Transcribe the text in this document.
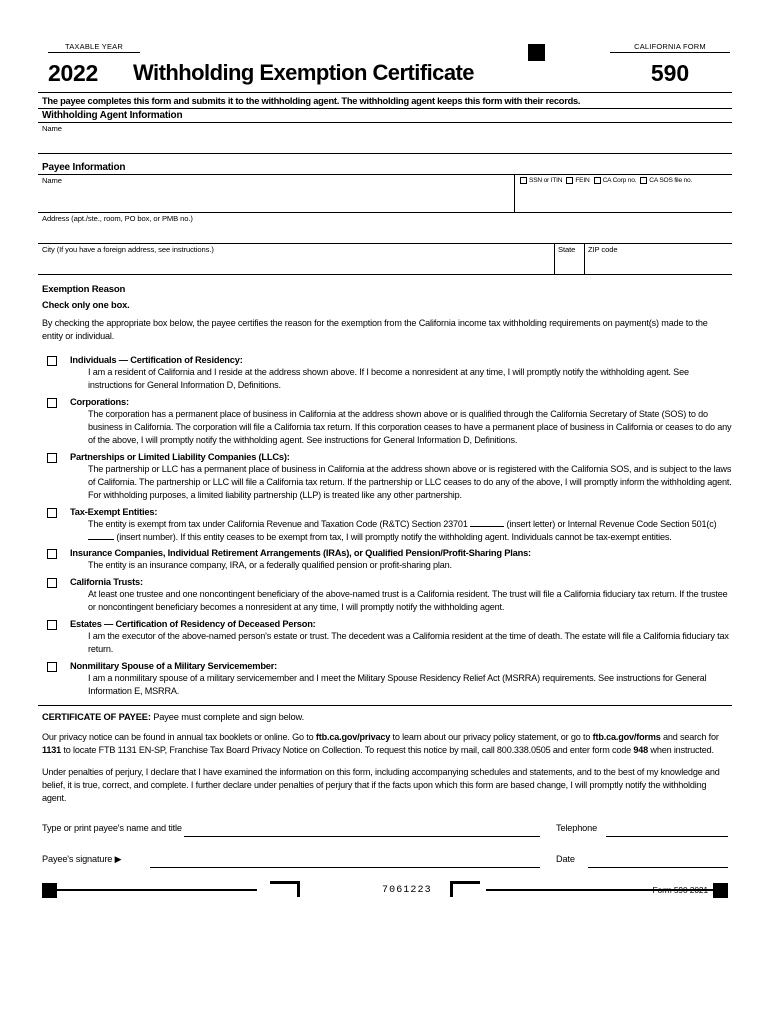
TAXABLE YEAR	CALIFORNIA FORM
2022 Withholding Exemption Certificate	590
The payee completes this form and submits it to the withholding agent. The withholding agent keeps this form with their records.
Withholding Agent Information
Name
Payee Information
Name	SSN or ITIN FEIN CA Corp no. CA SOS file no.
Address (apt./ste., room, PO box, or PMB no.)
City (If you have a foreign address, see instructions.)	State ZIP code
Exemption Reason
Check only one box.
By checking the appropriate box below, the payee certifies the reason for the exemption from the California income tax withholding requirements on payment(s) made to the entity or individual.
Individuals — Certification of Residency:
I am a resident of California and I reside at the address shown above. If I become a nonresident at any time, I will promptly notify the withholding agent. See instructions for General Information D, Definitions.
Corporations:
The corporation has a permanent place of business in California at the address shown above or is qualified through the California Secretary of State (SOS) to do business in California. The corporation will file a California tax return. If this corporation ceases to have a permanent place of business in California or ceases to do any of the above, I will promptly notify the withholding agent. See instructions for General Information D, Definitions.
Partnerships or Limited Liability Companies (LLCs):
The partnership or LLC has a permanent place of business in California at the address shown above or is registered with the California SOS, and is subject to the laws of California. The partnership or LLC will file a California tax return. If the partnership or LLC ceases to do any of the above, I will promptly inform the withholding agent. For withholding purposes, a limited liability partnership (LLP) is treated like any other partnership.
Tax-Exempt Entities:
The entity is exempt from tax under California Revenue and Taxation Code (R&TC) Section 23701	(insert letter) or Internal Revenue Code Section 501(c)  (insert number). If this entity ceases to be exempt from tax, I will promptly notify the withholding agent. Individuals cannot be tax-exempt entities.
Insurance Companies, Individual Retirement Arrangements (IRAs), or Qualified Pension/Profit-Sharing Plans:
The entity is an insurance company, IRA, or a federally qualified pension or profit-sharing plan.
California Trusts:
At least one trustee and one noncontingent beneficiary of the above-named trust is a California resident. The trust will file a California fiduciary tax return. If the trustee or noncontingent beneficiary becomes a nonresident at any time, I will promptly notify the withholding agent.
Estates — Certification of Residency of Deceased Person:
I am the executor of the above-named person's estate or trust. The decedent was a California resident at the time of death. The estate will file a California fiduciary tax return.
Nonmilitary Spouse of a Military Servicemember:
I am a nonmilitary spouse of a military servicemember and I meet the Military Spouse Residency Relief Act (MSRRA) requirements. See instructions for General Information E, MSRRA.
CERTIFICATE OF PAYEE: Payee must complete and sign below.
Our privacy notice can be found in annual tax booklets or online. Go to ftb.ca.gov/privacy to learn about our privacy policy statement, or go to ftb.ca.gov/forms and search for 1131 to locate FTB 1131 EN-SP, Franchise Tax Board Privacy Notice on Collection. To request this notice by mail, call 800.338.0505 and enter form code 948 when instructed.
Under penalties of perjury, I declare that I have examined the information on this form, including accompanying schedules and statements, and to the best of my knowledge and belief, it is true, correct, and complete. I further declare under penalties of perjury that if the facts upon which this form are based change, I will promptly notify the withholding agent.
Type or print payee's name and title	Telephone
Payee's signature ▶	Date
7061223	Form 590 2021
